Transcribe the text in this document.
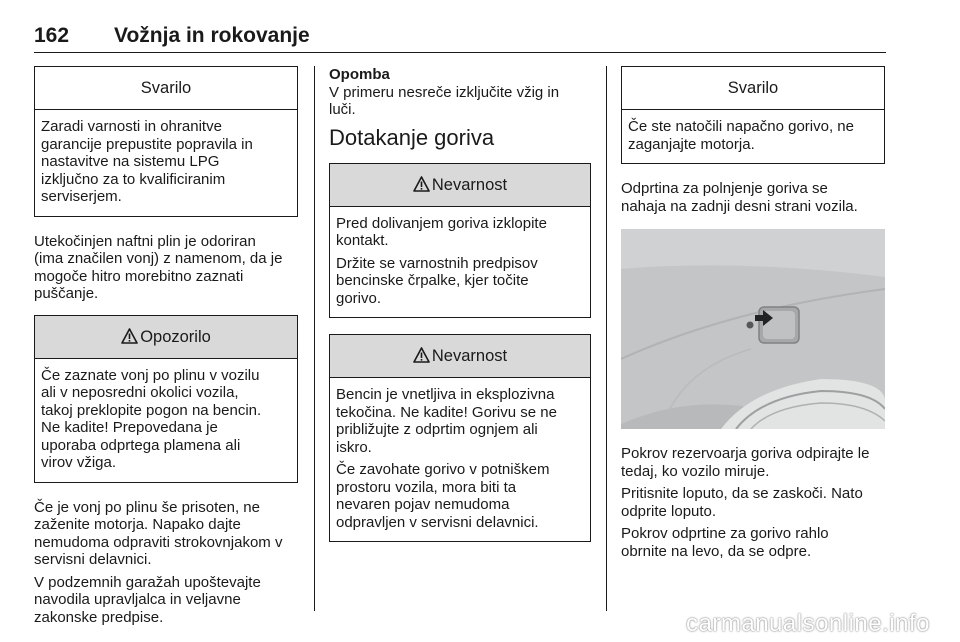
162 Vožnja in rokovanje
Svarilo
Zaradi varnosti in ohranitve
garancije prepustite popravila in
nastavitve na sistemu LPG
izključno za to kvalificiranim
serviserjem.

Utekočinjen naftni plin je odoriran
(ima značilen vonj) z namenom, da je
mogoče hitro morebitno zaznati
puščanje.

Opozorilo
Če zaznate vonj po plinu v vozilu
ali v neposredni okolici vozila,
takoj preklopite pogon na bencin.
Ne kadite! Prepovedana je
uporaba odprtega plamena ali
virov vžiga.

Če je vonj po plinu še prisoten, ne
zaženite motorja. Napako dajte
nemudoma odpraviti strokovnjakom v
servisni delavnici.

V podzemnih garažah upoštevajte
navodila upravljalca in veljavne
zakonske predpise.

Opomba

V primeru nesreče izključite vžig in
luči.

Dotakanje goriva
Nevarnost

Pred dolivanjem goriva izklopite
kontakt.

Držite se varnostnih predpisov
bencinske črpalke, kjer točite
gorivo.

Nevarnost

Bencin je vnetljiva in eksplozivna
tekočina. Ne kadite! Gorivu se ne
približujte z odprtim ognjem ali
iskro.

Če zavohate gorivo v potniškem
prostoru vozila, mora biti ta
nevaren pojav nemudoma
odpravljen v servisni delavnici.

Svarilo
Če ste natočili napačno gorivo, ne
zaganjajte motorja.

Odprtina za polnjenje goriva se
nahaja na zadnji desni strani vozila.

Pokrov rezervoarja goriva odpirajte le
tedaj, ko vozilo miruje.

Pritisnite loputo, da se zaskoči. Nato
odprite loputo.

Pokrov odprtine za gorivo rahlo
obrnite na levo, da se odpre.

carmanualsonline.info
